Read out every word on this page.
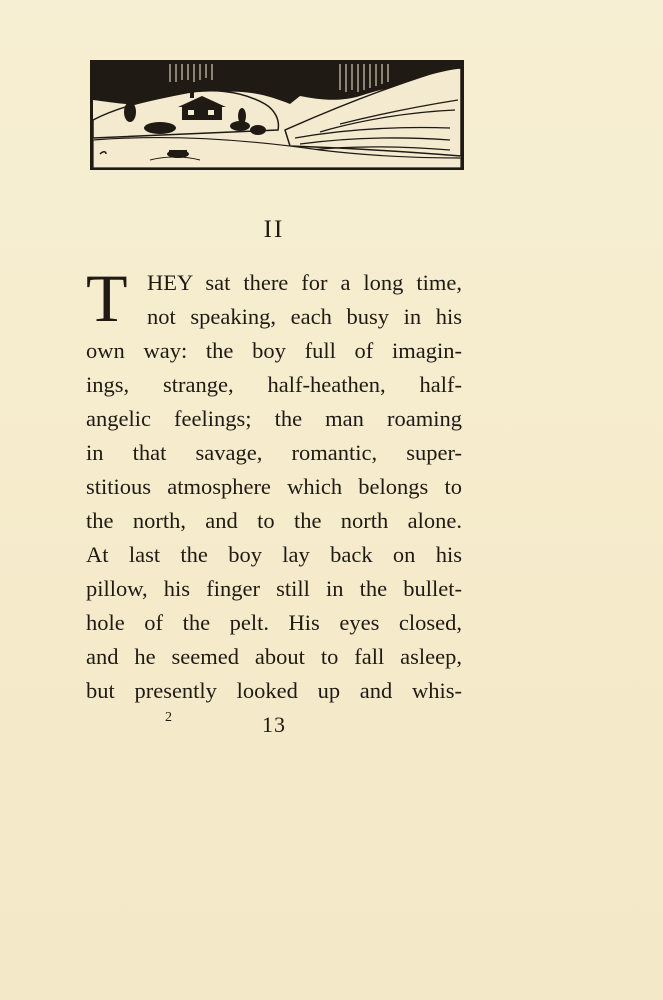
II
T HEY sat there for a long time,
not speaking, each busy in his
own way: the boy full of imagin-
ings, strange, half-heathen, half-
angelic feelings; the man roaming
in that savage, romantic, super-
stitious atmosphere which belongs to
the north, and to the north alone.
At last the boy lay back on his
pillow, his finger still in the bullet-
hole of the pelt. His eyes closed,
and he seemed about to fall asleep,
but presently looked up and whis-
2	13
